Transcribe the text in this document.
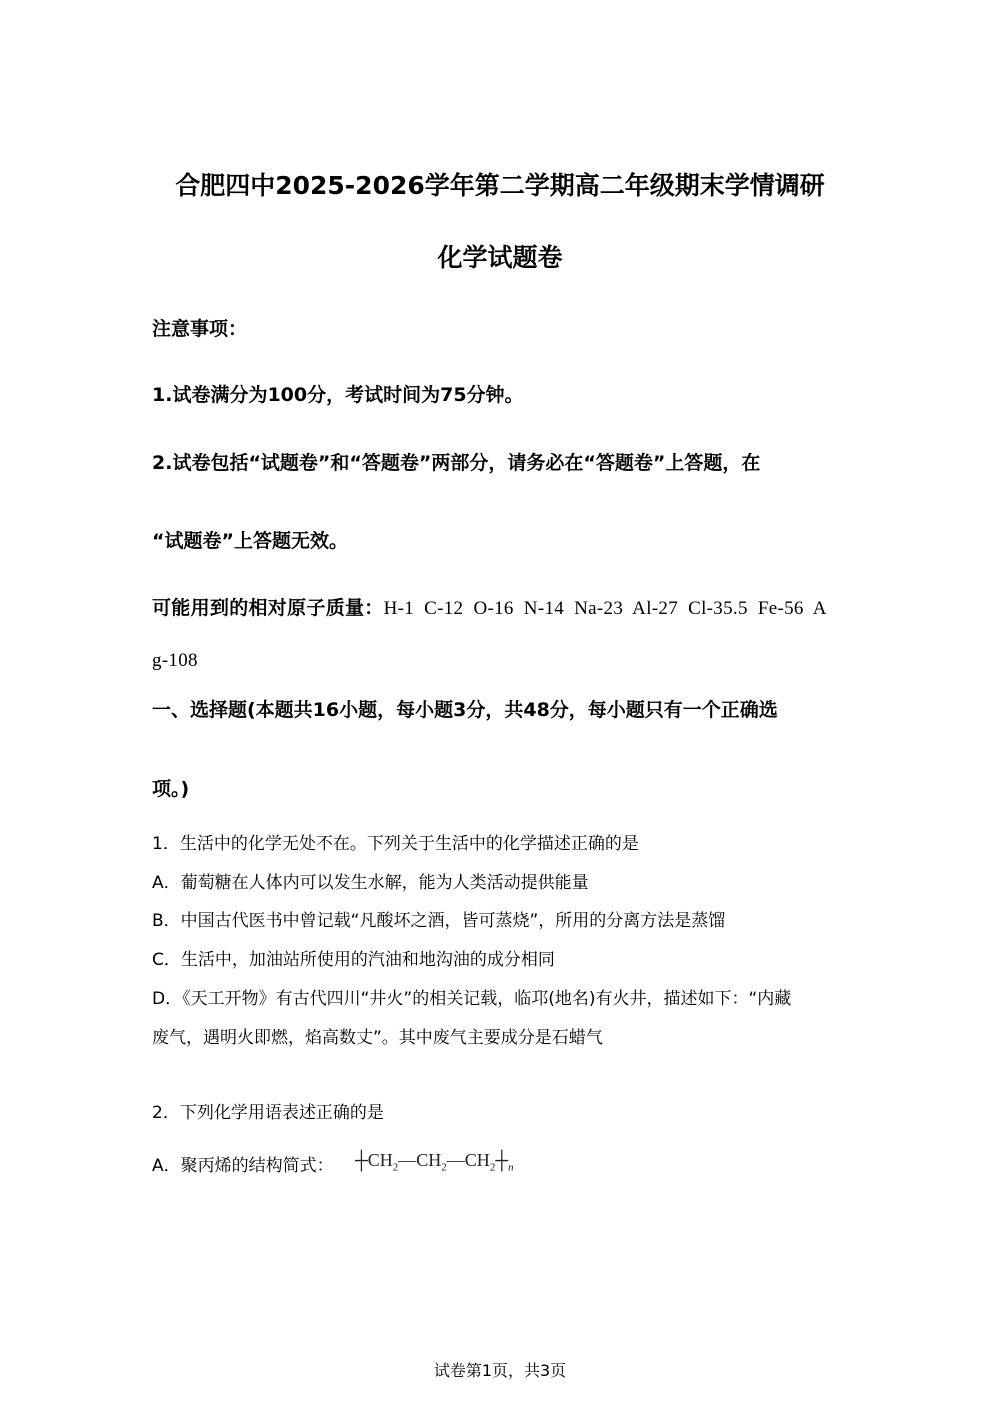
合肥四中2025-2026学年第二学期高二年级期末学情调研
化学试题卷
注意事项：
1.试卷满分为100分，考试时间为75分钟。
2.试卷包括“试题卷”和“答题卷”两部分，请务必在“答题卷”上答题，在
“试题卷”上答题无效。
可能用到的相对原子质量：H-1  C-12  O-16  N-14  Na-23  Al-27  Cl-35.5  Fe-56  A
g-108
一、选择题(本题共16小题，每小题3分，共48分，每小题只有一个正确选
项。)
1．生活中的化学无处不在。下列关于生活中的化学描述正确的是
A．葡萄糖在人体内可以发生水解，能为人类活动提供能量
B．中国古代医书中曾记载“凡酸坏之酒，皆可蒸烧”，所用的分离方法是蒸馏
C．生活中，加油站所使用的汽油和地沟油的成分相同
D．《天工开物》有古代四川“井火”的相关记载，临邛(地名)有火井，描述如下：“内藏
废气，遇明火即燃，焰高数丈”。其中废气主要成分是石蜡气
2．下列化学用语表述正确的是
A．聚丙烯的结构简式： $┼CH_2—CH_2—CH_2┼_n$
试卷第1页，共3页
